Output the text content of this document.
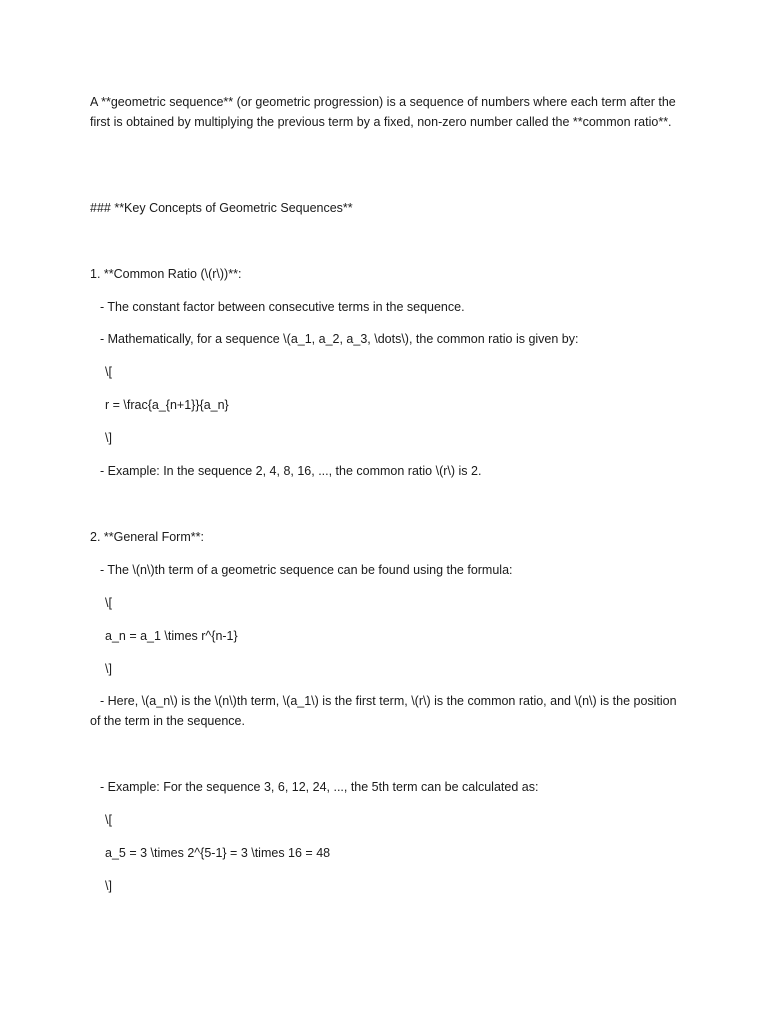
A **geometric sequence** (or geometric progression) is a sequence of numbers where each term after the first is obtained by multiplying the previous term by a fixed, non-zero number called the **common ratio**.
### **Key Concepts of Geometric Sequences**
1. **Common Ratio (\(r\))**:
- The constant factor between consecutive terms in the sequence.
- Mathematically, for a sequence \(a_1, a_2, a_3, \dots\), the common ratio is given by:
\[
r = \frac{a_{n+1}}{a_n}
\]
- Example: In the sequence 2, 4, 8, 16, ..., the common ratio \(r\) is 2.
2. **General Form**:
- The \(n\)th term of a geometric sequence can be found using the formula:
\[
a_n = a_1 \times r^{n-1}
\]
- Here, \(a_n\) is the \(n\)th term, \(a_1\) is the first term, \(r\) is the common ratio, and \(n\) is the position of the term in the sequence.
- Example: For the sequence 3, 6, 12, 24, ..., the 5th term can be calculated as:
\[
a_5 = 3 \times 2^{5-1} = 3 \times 16 = 48
\]
